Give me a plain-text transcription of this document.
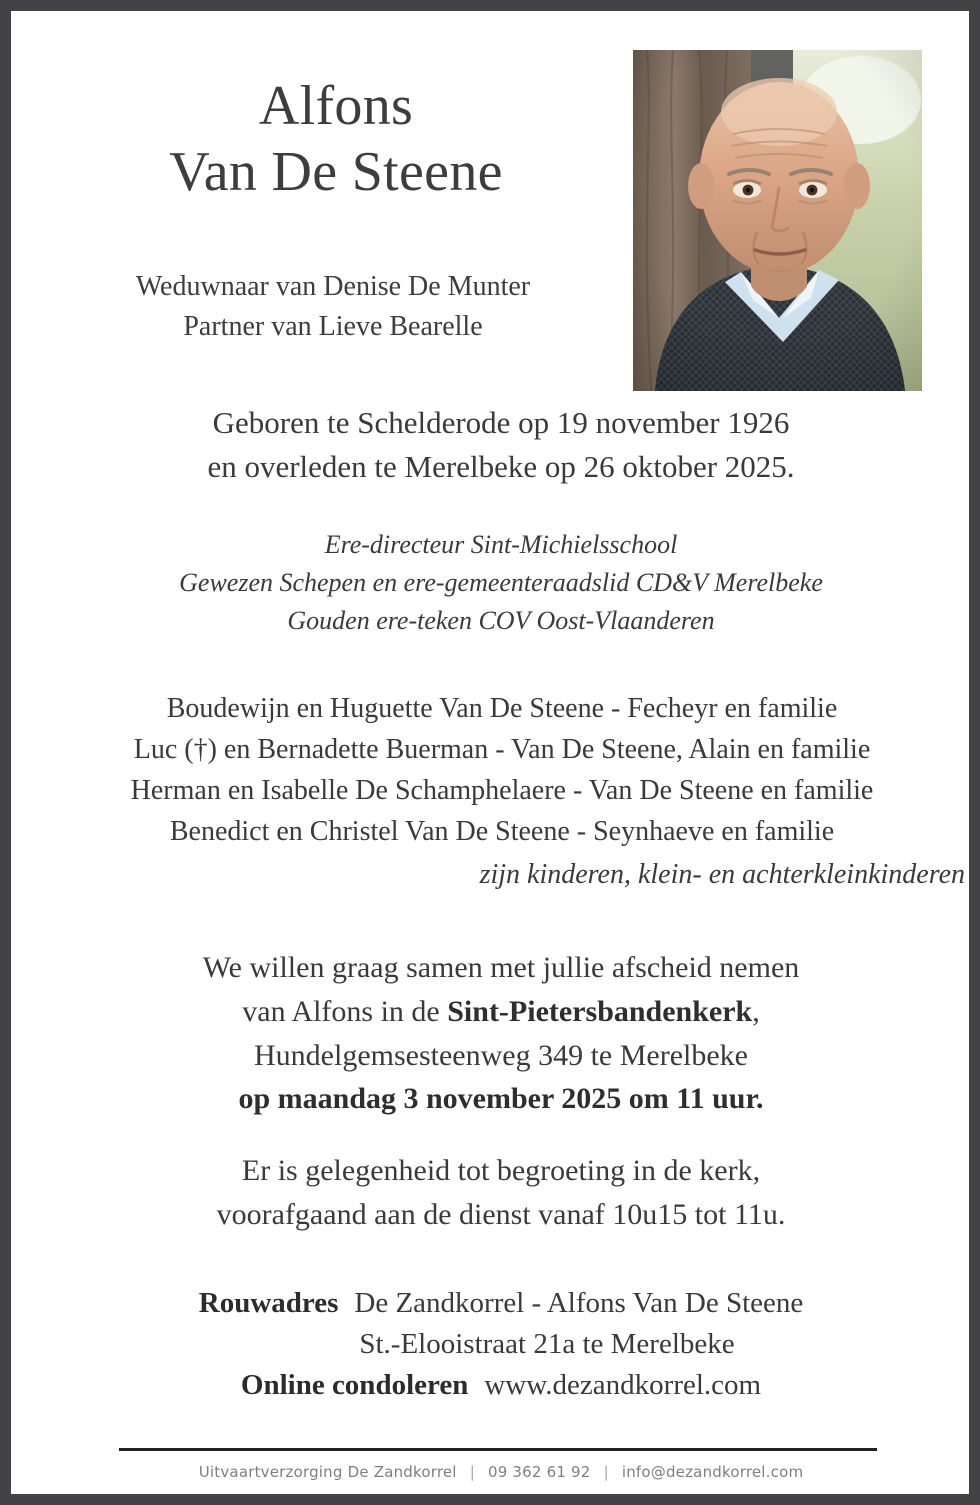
Alfons
Van De Steene
Weduwnaar van Denise De Munter
Partner van Lieve Bearelle
Geboren te Schelderode op 19 november 1926
en overleden te Merelbeke op 26 oktober 2025.
Ere-directeur Sint-Michielsschool
Gewezen Schepen en ere-gemeenteraadslid CD&V Merelbeke
Gouden ere-teken COV Oost-Vlaanderen
Boudewijn en Huguette Van De Steene - Fecheyr en familie
Luc (†) en Bernadette Buerman - Van De Steene, Alain en familie
Herman en Isabelle De Schamphelaere - Van De Steene en familie
Benedict en Christel Van De Steene - Seynhaeve en familie
zijn kinderen, klein- en achterkleinkinderen
We willen graag samen met jullie afscheid nemen
van Alfons in de Sint-Pietersbandenkerk,
Hundelgemsesteenweg 349 te Merelbeke
op maandag 3 november 2025 om 11 uur.
Er is gelegenheid tot begroeting in de kerk,
voorafgaand aan de dienst vanaf 10u15 tot 11u.
Rouwadres De Zandkorrel - Alfons Van De Steene
St.-Elooistraat 21a te Merelbeke
Online condoleren www.dezandkorrel.com
Uitvaartverzorging De Zandkorrel | 09 362 61 92 | info@dezandkorrel.com
